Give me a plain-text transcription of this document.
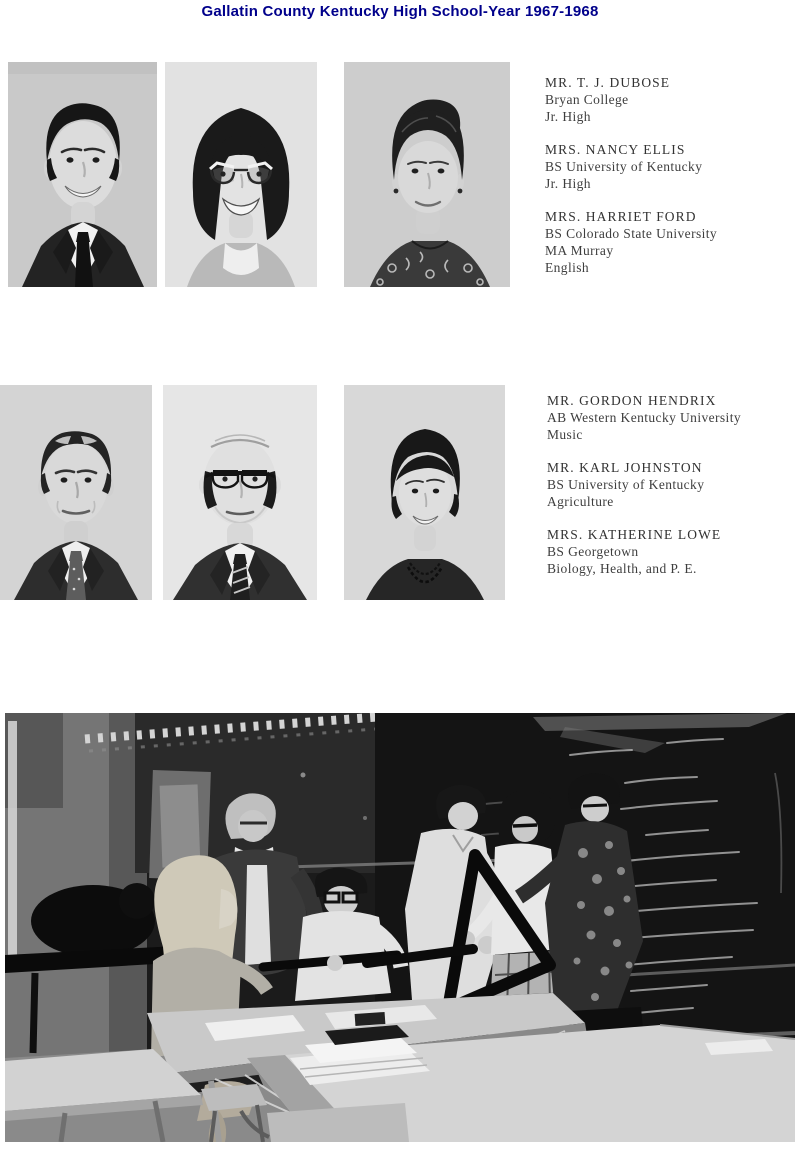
Gallatin County Kentucky High School-Year 1967-1968
MR. T. J. DUBOSE
Bryan College
Jr. High
MRS. NANCY ELLIS
BS University of Kentucky
Jr. High
MRS. HARRIET FORD
BS Colorado State University
MA Murray
English
MR. GORDON HENDRIX
AB Western Kentucky University
Music
MR. KARL JOHNSTON
BS University of Kentucky
Agriculture
MRS. KATHERINE LOWE
BS Georgetown
Biology, Health, and P. E.
